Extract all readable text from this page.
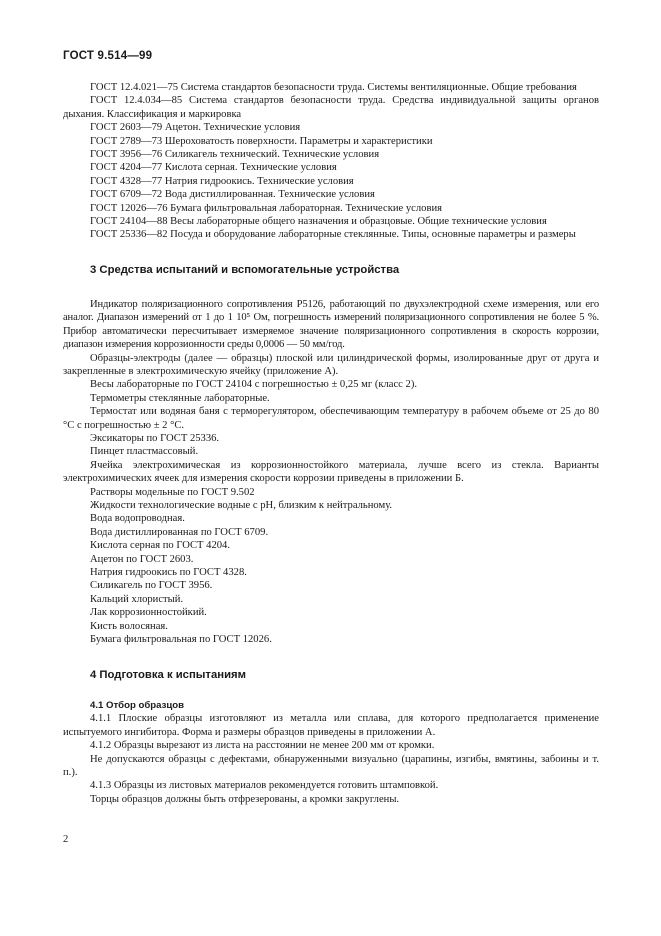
ГОСТ 9.514—99

ГОСТ 12.4.021—75 Система стандартов безопасности труда. Системы вентиляционные. Общие требования

ГОСТ 12.4.034—85 Система стандартов безопасности труда. Средства индивидуальной защиты органов дыхания. Классификация и маркировка

ГОСТ 2603—79 Ацетон. Технические условия

ГОСТ 2789—73 Шероховатость поверхности. Параметры и характеристики

ГОСТ 3956—76 Силикагель технический. Технические условия

ГОСТ 4204—77 Кислота серная. Технические условия

ГОСТ 4328—77 Натрия гидроокись. Технические условия

ГОСТ 6709—72 Вода дистиллированная. Технические условия

ГОСТ 12026—76 Бумага фильтровальная лабораторная. Технические условия

ГОСТ 24104—88 Весы лабораторные общего назначения и образцовые. Общие технические условия

ГОСТ 25336—82 Посуда и оборудование лабораторные стеклянные. Типы, основные параметры и размеры

3 Средства испытаний и вспомогательные устройства

Индикатор поляризационного сопротивления Р5126, работающий по двухэлектродной схеме измерения, или его аналог. Диапазон измерений от 1 до 1 10⁵ Ом, погрешность измерений поляризационного сопротивления не более 5 %. Прибор автоматически пересчитывает измеряемое значение поляризационного сопротивления в скорость коррозии, диапазон измерения коррозионности среды 0,0006 — 50 мм/год.

Образцы-электроды (далее — образцы) плоской или цилиндрической формы, изолированные друг от друга и закрепленные в электрохимическую ячейку (приложение А).

Весы лабораторные по ГОСТ 24104 с погрешностью ± 0,25 мг (класс 2).

Термометры стеклянные лабораторные.

Термостат или водяная баня с терморегулятором, обеспечивающим температуру в рабочем объеме от 25 до 80 °С с погрешностью ± 2 °С.

Эксикаторы по ГОСТ 25336.

Пинцет пластмассовый.

Ячейка электрохимическая из коррозионностойкого материала, лучше всего из стекла. Варианты электрохимических ячеек для измерения скорости коррозии приведены в приложении Б.

Растворы модельные по ГОСТ 9.502

Жидкости технологические водные с рН, близким к нейтральному.

Вода водопроводная.

Вода дистиллированная по ГОСТ 6709.

Кислота серная по ГОСТ 4204.

Ацетон по ГОСТ 2603.

Натрия гидроокись по ГОСТ 4328.

Силикагель по ГОСТ 3956.

Кальций хлористый.

Лак коррозионностойкий.

Кисть волосяная.

Бумага фильтровальная по ГОСТ 12026.

4 Подготовка к испытаниям
4.1 Отбор образцов

4.1.1 Плоские образцы изготовляют из металла или сплава, для которого предполагается применение испытуемого ингибитора. Форма и размеры образцов приведены в приложении А.

4.1.2 Образцы вырезают из листа на расстоянии не менее 200 мм от кромки.

Не допускаются образцы с дефектами, обнаруженными визуально (царапины, изгибы, вмятины, забоины и т. п.).

4.1.3 Образцы из листовых материалов рекомендуется готовить штамповкой.

Торцы образцов должны быть отфрезерованы, а кромки закруглены.

2
